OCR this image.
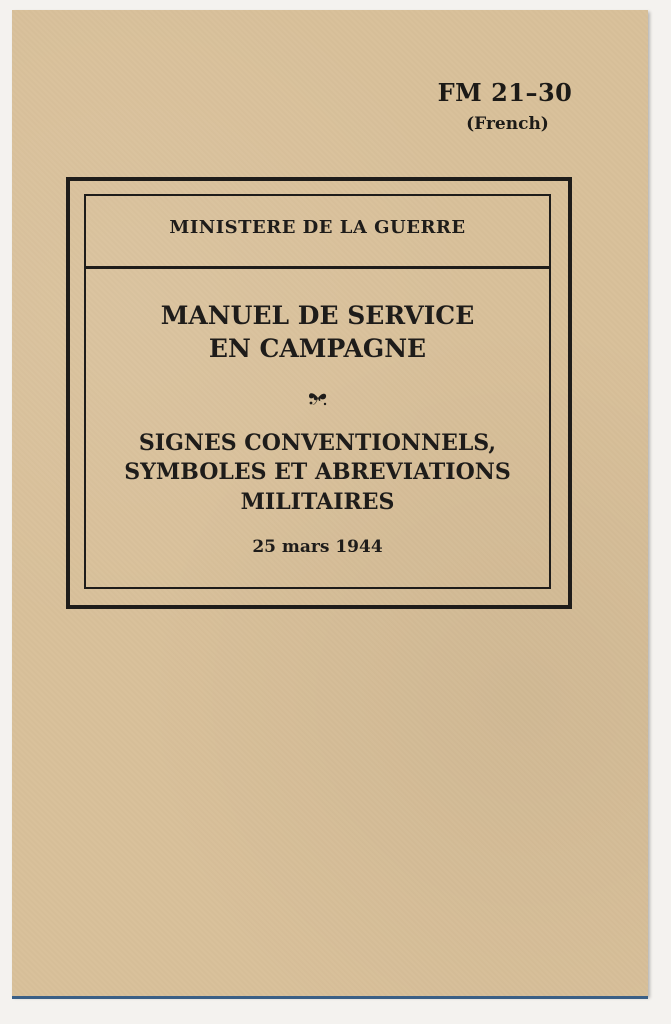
FM 21–30
(French)
MINISTERE DE LA GUERRE
MANUEL DE SERVICE
EN CAMPAGNE
SIGNES CONVENTIONNELS,
SYMBOLES ET ABREVIATIONS
MILITAIRES
25 mars 1944
